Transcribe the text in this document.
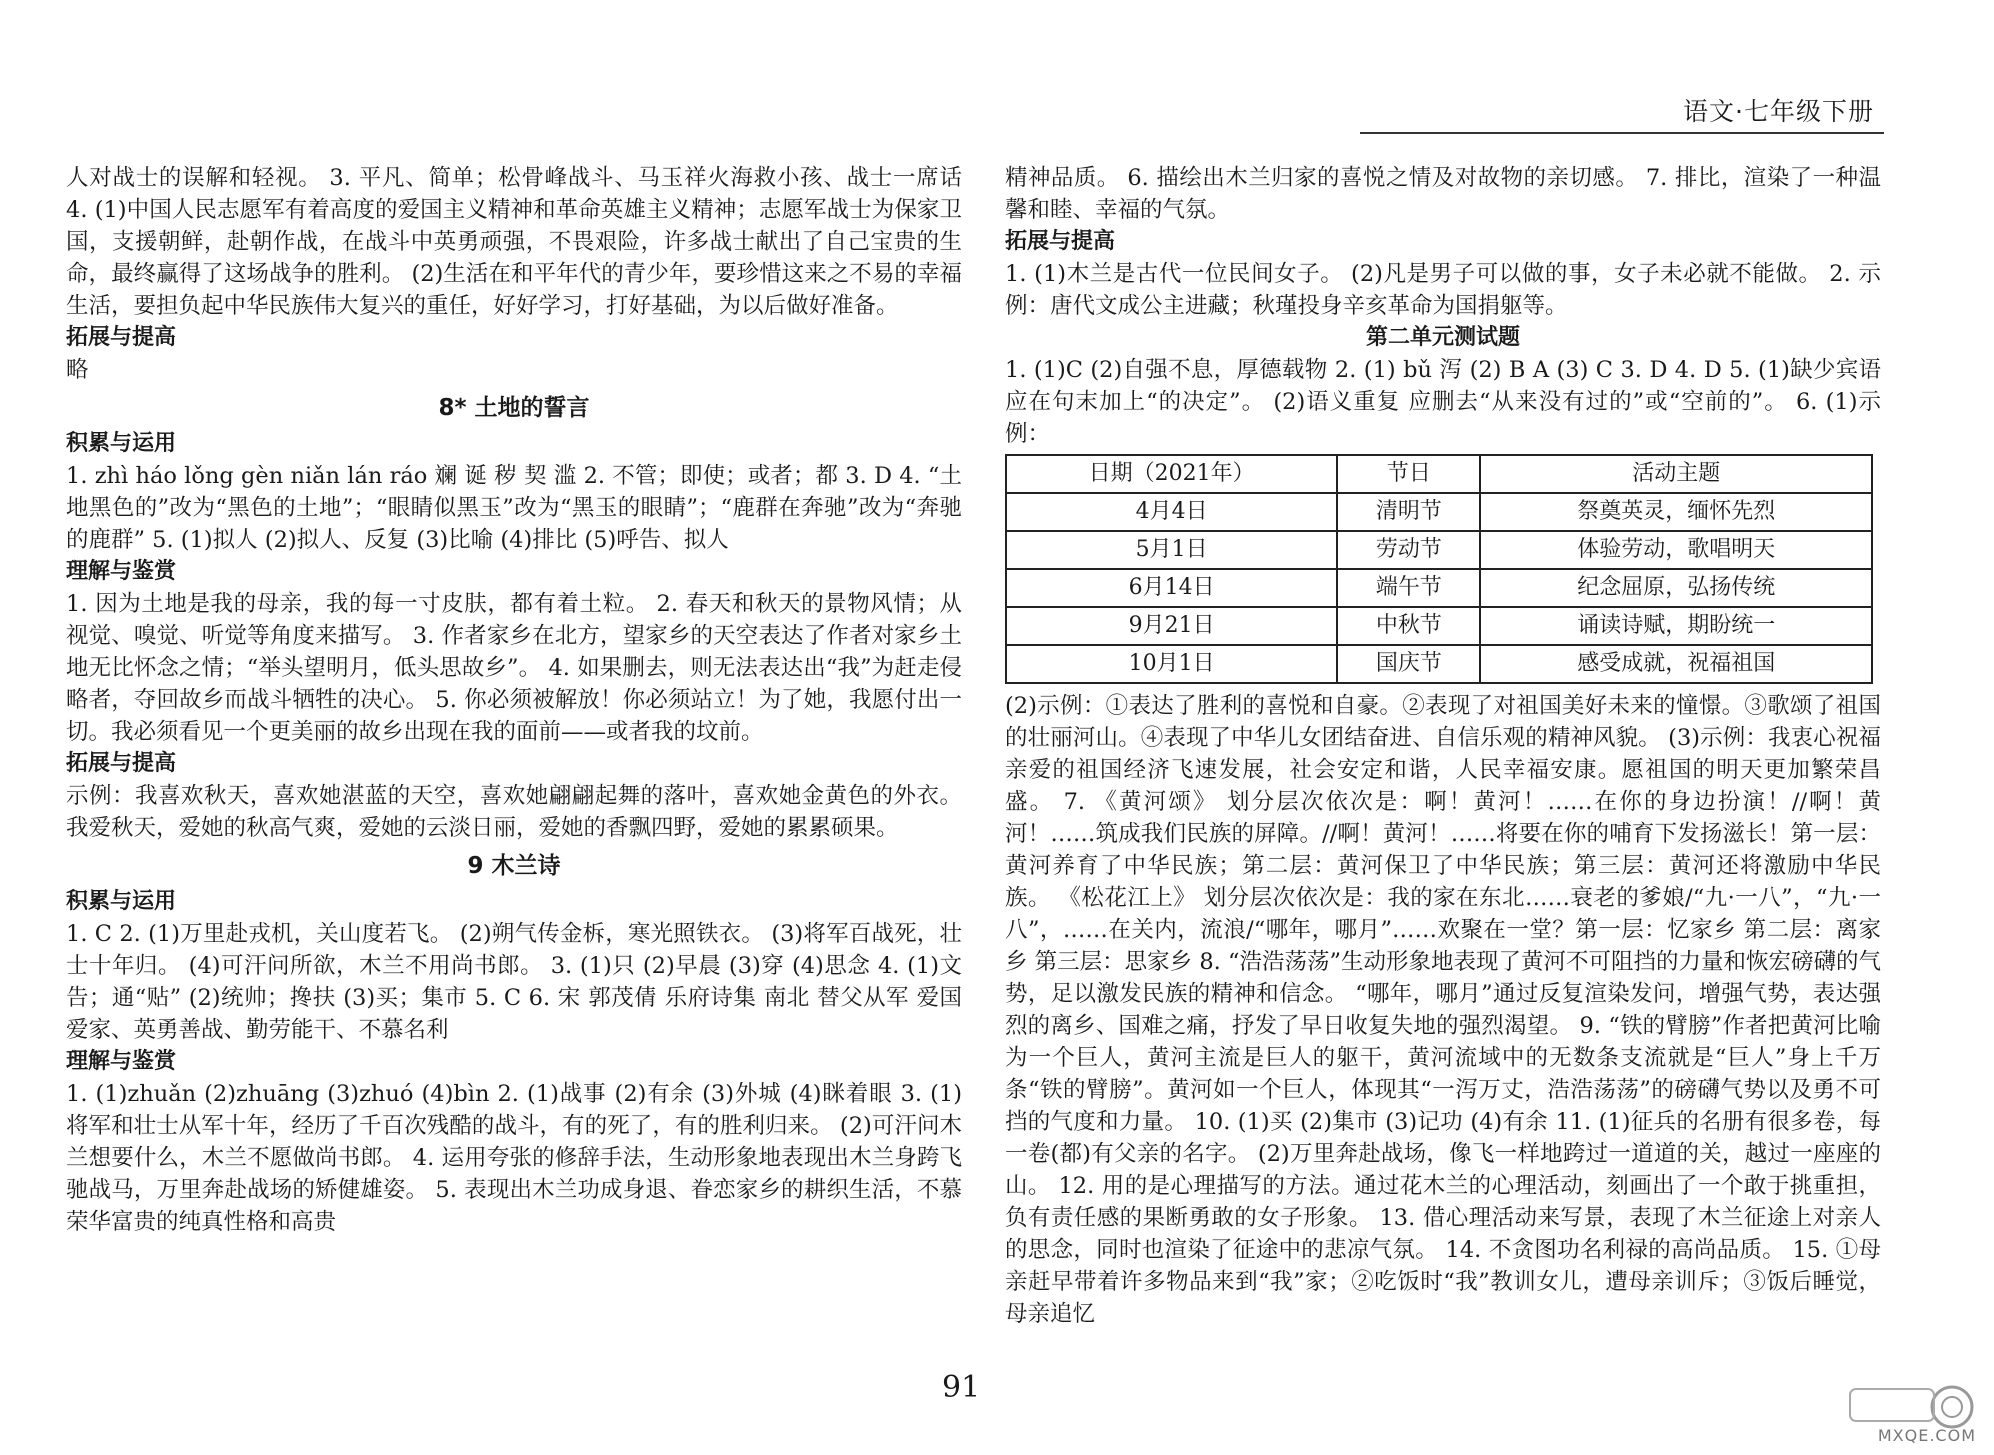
语文·七年级下册

人对战士的误解和轻视。 3. 平凡、简单；松骨峰战斗、马玉祥火海救小孩、战士一席话 4. (1)中国人民志愿军有着高度的爱国主义精神和革命英雄主义精神；志愿军战士为保家卫国，支援朝鲜，赴朝作战，在战斗中英勇顽强，不畏艰险，许多战士献出了自己宝贵的生命，最终赢得了这场战争的胜利。 (2)生活在和平年代的青少年，要珍惜这来之不易的幸福生活，要担负起中华民族伟大复兴的重任，好好学习，打好基础，为以后做好准备。

拓展与提高

略

8* 土地的誓言

积累与运用

1. zhì háo lǒng gèn niǎn lán ráo 斓 诞 秽 契 滥 2. 不管；即使；或者；都 3. D 4. “土地黑色的”改为“黑色的土地”；“眼睛似黑玉”改为“黑玉的眼睛”；“鹿群在奔驰”改为“奔驰的鹿群” 5. (1)拟人 (2)拟人、反复 (3)比喻 (4)排比 (5)呼告、拟人

理解与鉴赏

1. 因为土地是我的母亲，我的每一寸皮肤，都有着土粒。 2. 春天和秋天的景物风情；从视觉、嗅觉、听觉等角度来描写。 3. 作者家乡在北方，望家乡的天空表达了作者对家乡土地无比怀念之情；“举头望明月，低头思故乡”。 4. 如果删去，则无法表达出“我”为赶走侵略者，夺回故乡而战斗牺牲的决心。 5. 你必须被解放！你必须站立！为了她，我愿付出一切。我必须看见一个更美丽的故乡出现在我的面前——或者我的坟前。

拓展与提高

示例：我喜欢秋天，喜欢她湛蓝的天空，喜欢她翩翩起舞的落叶，喜欢她金黄色的外衣。我爱秋天，爱她的秋高气爽，爱她的云淡日丽，爱她的香飘四野，爱她的累累硕果。

9 木兰诗

积累与运用

1. C 2. (1)万里赴戎机，关山度若飞。 (2)朔气传金柝，寒光照铁衣。 (3)将军百战死，壮士十年归。 (4)可汗问所欲，木兰不用尚书郎。 3. (1)只 (2)早晨 (3)穿 (4)思念 4. (1)文告；通“贴” (2)统帅；搀扶 (3)买；集市 5. C 6. 宋 郭茂倩 乐府诗集 南北 替父从军 爱国爱家、英勇善战、勤劳能干、不慕名利

理解与鉴赏

1. (1)zhuǎn (2)zhuāng (3)zhuó (4)bìn 2. (1)战事 (2)有余 (3)外城 (4)眯着眼 3. (1)将军和壮士从军十年，经历了千百次残酷的战斗，有的死了，有的胜利归来。 (2)可汗问木兰想要什么，木兰不愿做尚书郎。 4. 运用夸张的修辞手法，生动形象地表现出木兰身跨飞驰战马，万里奔赴战场的矫健雄姿。 5. 表现出木兰功成身退、眷恋家乡的耕织生活，不慕荣华富贵的纯真性格和高贵

精神品质。 6. 描绘出木兰归家的喜悦之情及对故物的亲切感。 7. 排比，渲染了一种温馨和睦、幸福的气氛。

拓展与提高

1. (1)木兰是古代一位民间女子。 (2)凡是男子可以做的事，女子未必就不能做。 2. 示例：唐代文成公主进藏；秋瑾投身辛亥革命为国捐躯等。

第二单元测试题

1. (1)C (2)自强不息，厚德载物 2. (1) bǔ 泻 (2) B A (3) C 3. D 4. D 5. (1)缺少宾语 应在句末加上“的决定”。 (2)语义重复 应删去“从来没有过的”或“空前的”。 6. (1)示例：

日期（2021年）	节日	活动主题
4月4日	清明节	祭奠英灵，缅怀先烈
5月1日	劳动节	体验劳动，歌唱明天
6月14日	端午节	纪念屈原，弘扬传统
9月21日	中秋节	诵读诗赋，期盼统一
10月1日	国庆节	感受成就，祝福祖国

(2)示例：①表达了胜利的喜悦和自豪。②表现了对祖国美好未来的憧憬。③歌颂了祖国的壮丽河山。④表现了中华儿女团结奋进、自信乐观的精神风貌。 (3)示例：我衷心祝福亲爱的祖国经济飞速发展，社会安定和谐，人民幸福安康。愿祖国的明天更加繁荣昌盛。 7. 《黄河颂》 划分层次依次是：啊！黄河！……在你的身边扮演！//啊！黄河！……筑成我们民族的屏障。//啊！黄河！……将要在你的哺育下发扬滋长！第一层：黄河养育了中华民族；第二层：黄河保卫了中华民族；第三层：黄河还将激励中华民族。 《松花江上》 划分层次依次是：我的家在东北……衰老的爹娘/“九·一八”，“九·一八”，……在关内，流浪/“哪年，哪月”……欢聚在一堂？第一层：忆家乡 第二层：离家乡 第三层：思家乡 8. “浩浩荡荡”生动形象地表现了黄河不可阻挡的力量和恢宏磅礴的气势，足以激发民族的精神和信念。 “哪年，哪月”通过反复渲染发问，增强气势，表达强烈的离乡、国难之痛，抒发了早日收复失地的强烈渴望。 9. “铁的臂膀”作者把黄河比喻为一个巨人，黄河主流是巨人的躯干，黄河流域中的无数条支流就是“巨人”身上千万条“铁的臂膀”。黄河如一个巨人，体现其“一泻万丈，浩浩荡荡”的磅礴气势以及勇不可挡的气度和力量。 10. (1)买 (2)集市 (3)记功 (4)有余 11. (1)征兵的名册有很多卷，每一卷(都)有父亲的名字。 (2)万里奔赴战场，像飞一样地跨过一道道的关，越过一座座的山。 12. 用的是心理描写的方法。通过花木兰的心理活动，刻画出了一个敢于挑重担，负有责任感的果断勇敢的女子形象。 13. 借心理活动来写景，表现了木兰征途上对亲人的思念，同时也渲染了征途中的悲凉气氛。 14. 不贪图功名利禄的高尚品质。 15. ①母亲赶早带着许多物品来到“我”家；②吃饭时“我”教训女儿，遭母亲训斥；③饭后睡觉，母亲追忆

91
MXQE.COM
